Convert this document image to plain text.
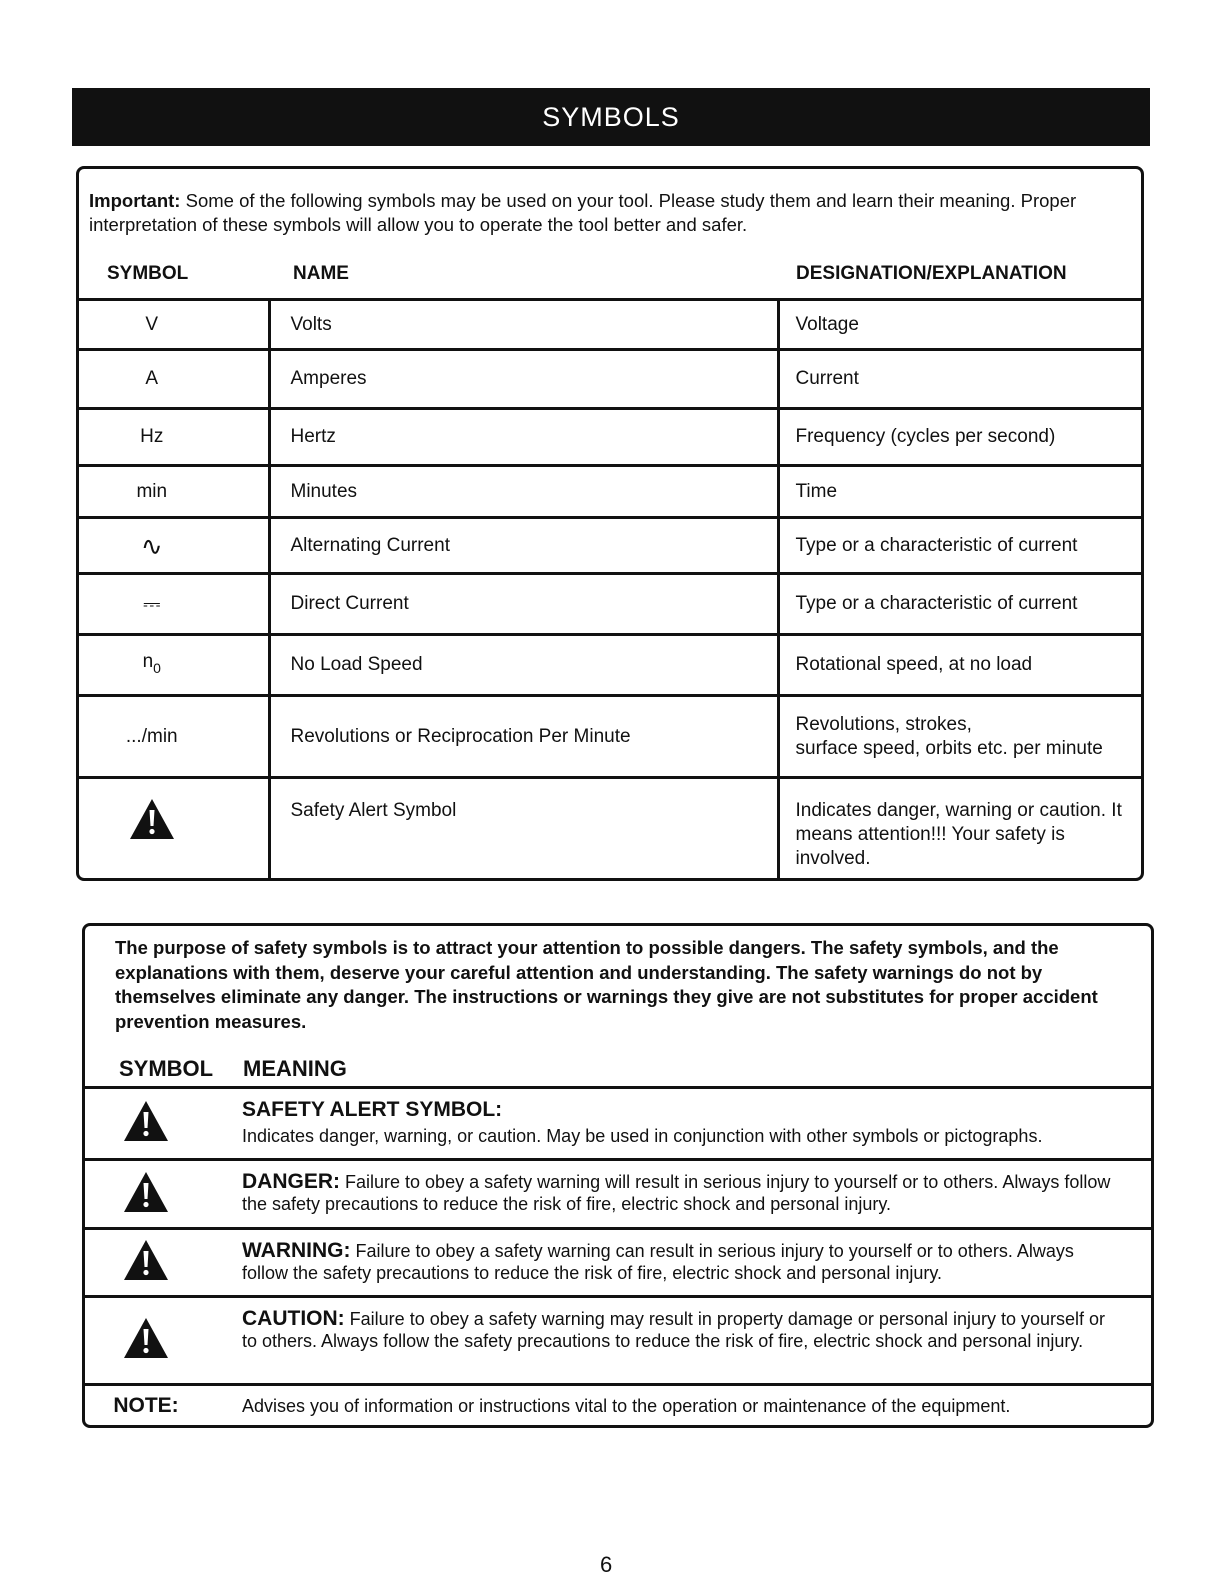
SYMBOLS
Important: Some of the following symbols may be used on your tool. Please study them and learn their meaning. Proper interpretation of these symbols will allow you to operate the tool better and safer.
SYMBOL	NAME	DESIGNATION/EXPLANATION
V	Volts	Voltage
A	Amperes	Current
Hz	Hertz	Frequency (cycles per second)
min	Minutes	Time
∿	Alternating Current	Type or a characteristic of current
⎓	Direct Current	Type or a characteristic of current
$n_0$	No Load Speed	Rotational speed, at no load
.../min	Revolutions or Reciprocation Per Minute	Revolutions, strokes,
surface speed, orbits etc. per minute
	Safety Alert Symbol	Indicates danger, warning or caution. It means attention!!! Your safety is involved.
The purpose of safety symbols is to attract your attention to possible dangers. The safety symbols, and the explanations with them, deserve your careful attention and understanding. The safety warnings do not by themselves eliminate any danger. The instructions or warnings they give are not substitutes for proper accident prevention measures.
SYMBOL MEANING

SAFETY ALERT SYMBOL:
Indicates danger, warning, or caution. May be used in conjunction with other symbols or pictographs.
	DANGER: Failure to obey a safety warning will result in serious injury to yourself or to others. Always follow the safety precautions to reduce the risk of fire, electric shock and personal injury.
	WARNING: Failure to obey a safety warning can result in serious injury to yourself or to others. Always follow the safety precautions to reduce the risk of fire, electric shock and personal injury.
	CAUTION: Failure to obey a safety warning may result in property damage or personal injury to yourself or to others. Always follow the safety precautions to reduce the risk of fire, electric shock and personal injury.
NOTE:	Advises you of information or instructions vital to the operation or maintenance of the equipment.
6
